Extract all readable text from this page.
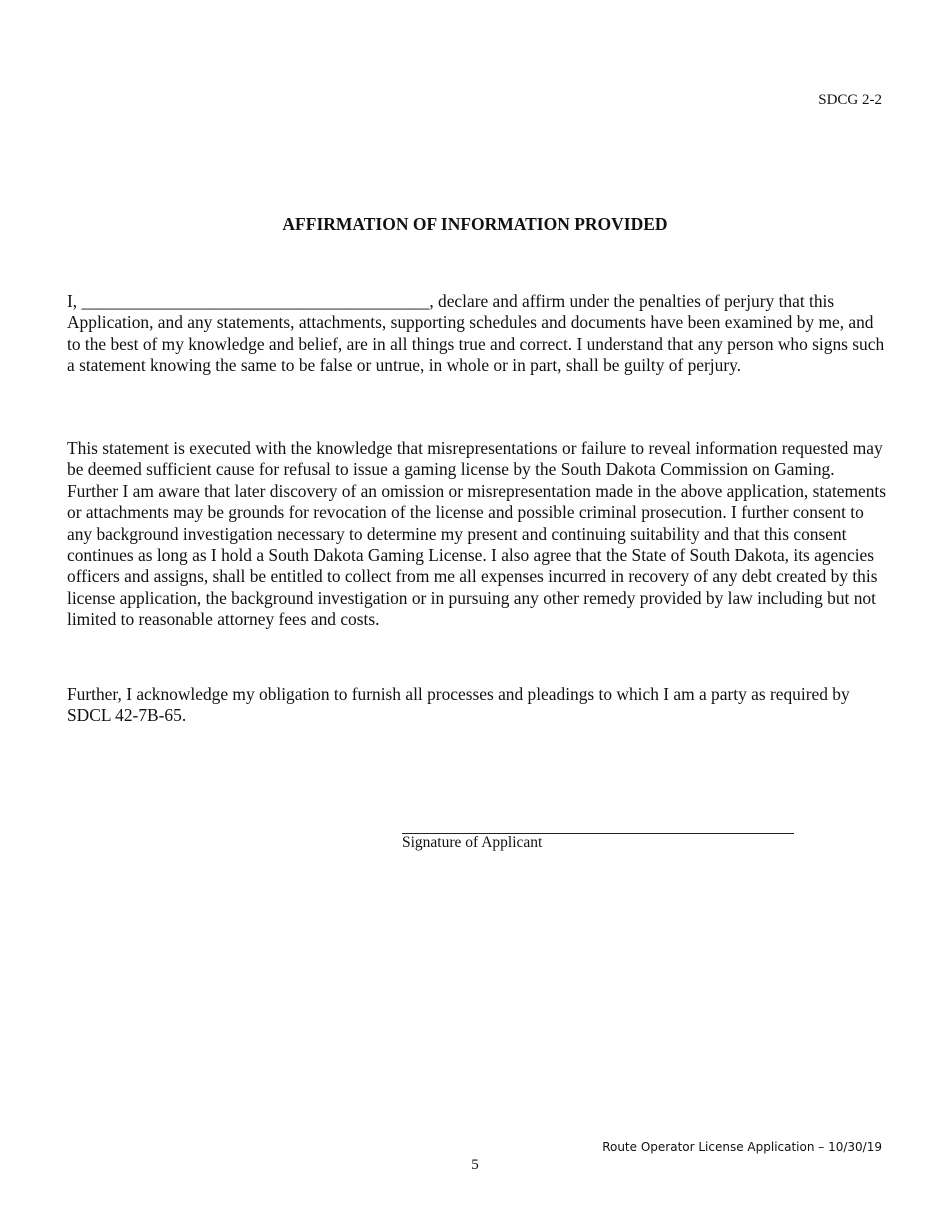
SDCG 2-2
AFFIRMATION OF INFORMATION PROVIDED

I, ________________________________________, declare and affirm under the penalties of perjury that this Application, and any statements, attachments, supporting schedules and documents have been examined by me, and to the best of my knowledge and belief, are in all things true and correct. I understand that any person who signs such a statement knowing the same to be false or untrue, in whole or in part, shall be guilty of perjury.

This statement is executed with the knowledge that misrepresentations or failure to reveal information requested may be deemed sufficient cause for refusal to issue a gaming license by the South Dakota Commission on Gaming. Further I am aware that later discovery of an omission or misrepresentation made in the above application, statements or attachments may be grounds for revocation of the license and possible criminal prosecution. I further consent to any background investigation necessary to determine my present and continuing suitability and that this consent continues as long as I hold a South Dakota Gaming License. I also agree that the State of South Dakota, its agencies officers and assigns, shall be entitled to collect from me all expenses incurred in recovery of any debt created by this license application, the background investigation or in pursuing any other remedy provided by law including but not limited to reasonable attorney fees and costs.

Further, I acknowledge my obligation to furnish all processes and pleadings to which I am a party as required by SDCL 42-7B-65.

Signature of Applicant
Route Operator License Application – 10/30/19
5
